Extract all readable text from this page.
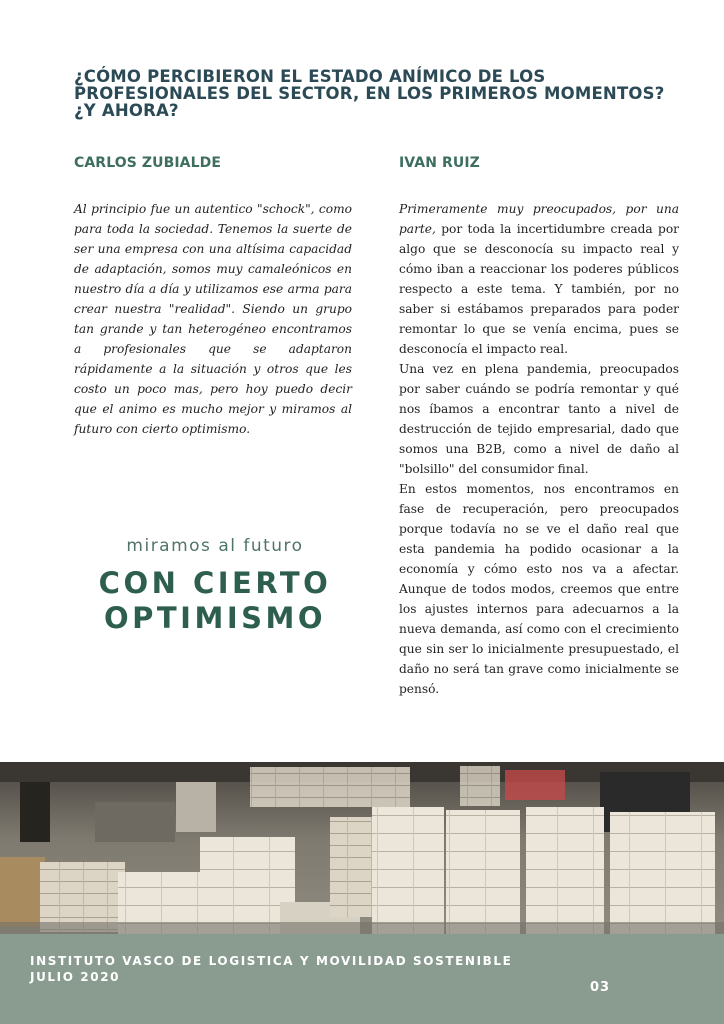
¿CÓMO PERCIBIERON EL ESTADO ANÍMICO DE LOS PROFESIONALES DEL SECTOR, EN LOS PRIMEROS MOMENTOS? ¿Y AHORA?
CARLOS ZUBIALDE	IVAN RUIZ
Al principio fue un autentico "schock", como para toda la sociedad. Tenemos la suerte de ser una empresa con una altísima capacidad de adaptación, somos muy camaleónicos en nuestro día a día y utilizamos ese arma para crear nuestra "realidad". Siendo un grupo tan grande y tan heterogéneo encontramos a profesionales que se adaptaron rápidamente a la situación y otros que les costo un poco mas, pero hoy puedo decir que el animo es mucho mejor y miramos al futuro con cierto optimismo.

Primeramente muy preocupados, por una parte, por toda la incertidumbre creada por algo que se desconocía su impacto real y cómo iban a reaccionar los poderes públicos respecto a este tema. Y también, por no saber si estábamos preparados para poder remontar lo que se venía encima, pues se desconocía el impacto real.

Una vez en plena pandemia, preocupados por saber cuándo se podría remontar y qué nos íbamos a encontrar tanto a nivel de destrucción de tejido empresarial, dado que somos una B2B, como a nivel de daño al "bolsillo" del consumidor final.

En estos momentos, nos encontramos en fase de recuperación, pero preocupados porque todavía no se ve el daño real que esta pandemia ha podido ocasionar a la economía y cómo esto nos va a afectar. Aunque de todos modos, creemos que entre los ajustes internos para adecuarnos a la nueva demanda, así como con el crecimiento que sin ser lo inicialmente presupuestado, el daño no será tan grave como inicialmente se pensó.

miramos al futuro
CON CIERTO OPTIMISMO
INSTITUTO VASCO DE LOGISTICA Y MOVILIDAD SOSTENIBLE
JULIO 2020
03
